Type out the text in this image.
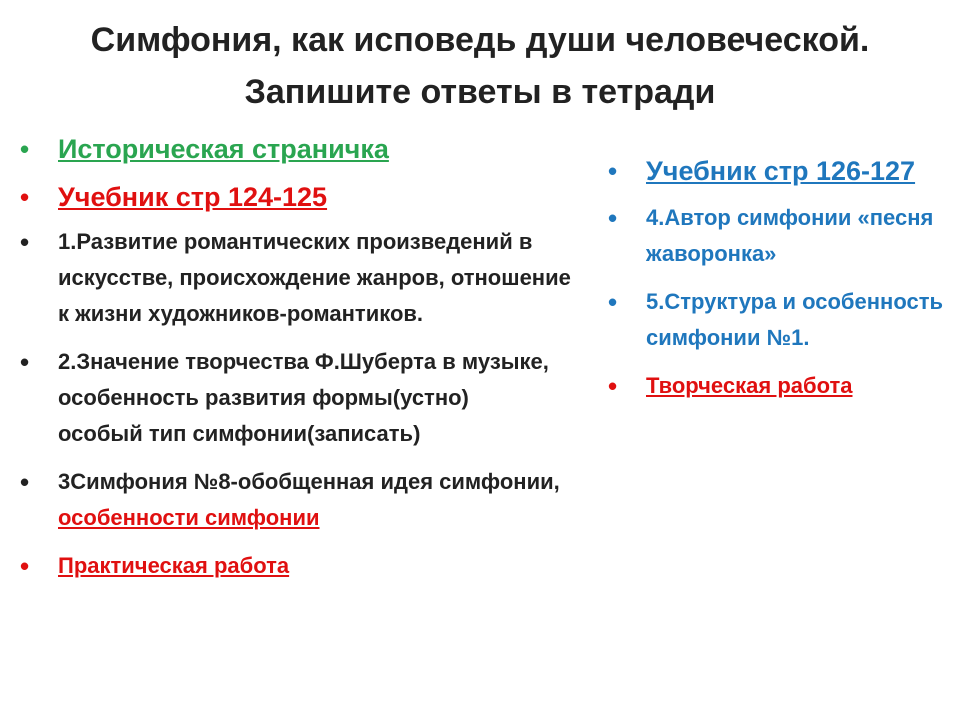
Симфония, как исповедь души человеческой.
Запишите ответы в тетради
• Историческая страничка
• Учебник стр 124-125
• 1.Развитие романтических произведений в искусстве, происхождение жанров, отношение к жизни художников-романтиков.
• 2.Значение творчества Ф.Шуберта в музыке, особенность развития формы(устно)
особый тип симфонии(записать)
• 3Симфония №8-обобщенная идея симфонии, особенности симфонии
• Практическая работа
• Учебник стр 126-127
• 4.Автор симфонии «песня жаворонка»
• 5.Структура и особенность симфонии №1.
• Творческая работа
